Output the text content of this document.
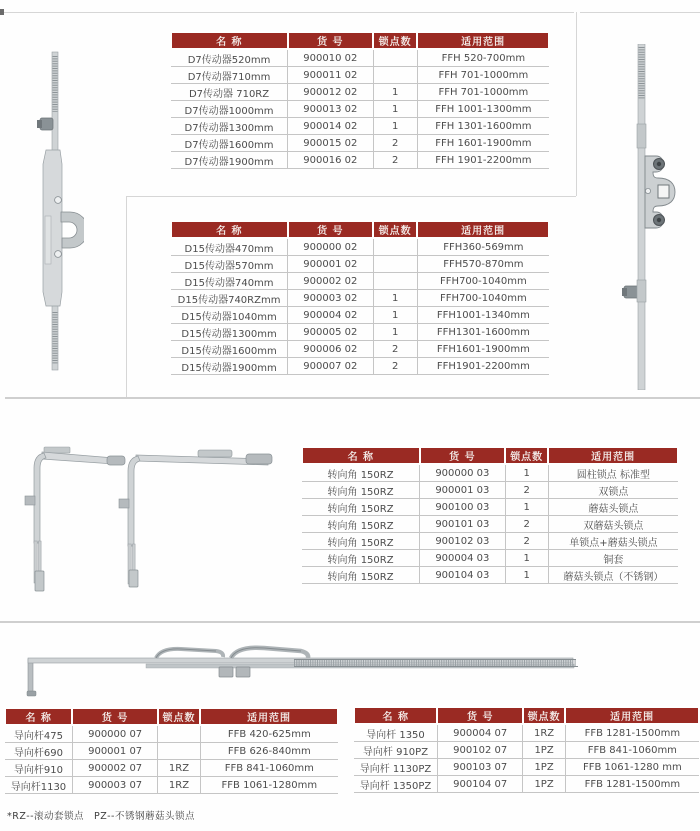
名 称	货 号	锁点数	适用范围
D7传动器520mm	900010 02		FFH 520-700mm
D7传动器710mm	900011 02		FFH 701-1000mm
D7传动器 710RZ	900012 02	1	FFH 701-1000mm
D7传动器1000mm	900013 02	1	FFH 1001-1300mm
D7传动器1300mm	900014 02	1	FFH 1301-1600mm
D7传动器1600mm	900015 02	2	FFH 1601-1900mm
D7传动器1900mm	900016 02	2	FFH 1901-2200mm
名 称	货 号	锁点数	适用范围
D15传动器470mm	900000 02		FFH360-569mm
D15传动器570mm	900001 02		FFH570-870mm
D15传动器740mm	900002 02		FFH700-1040mm
D15传动器740RZmm	900003 02	1	FFH700-1040mm
D15传动器1040mm	900004 02	1	FFH1001-1340mm
D15传动器1300mm	900005 02	1	FFH1301-1600mm
D15传动器1600mm	900006 02	2	FFH1601-1900mm
D15传动器1900mm	900007 02	2	FFH1901-2200mm
名 称	货 号	锁点数	适用范围
转向角 150RZ	900000 03	1	圆柱锁点 标准型
转向角 150RZ	900001 03	2	双锁点
转向角 150RZ	900100 03	1	蘑菇头锁点
转向角 150RZ	900101 03	2	双蘑菇头锁点
转向角 150RZ	900102 03	2	单锁点+蘑菇头锁点
转向角 150RZ	900004 03	1	铜套
转向角 150RZ	900104 03	1	蘑菇头锁点（不锈钢）
名 称	货 号	锁点数	适用范围
导向杆475	900000 07		FFB 420-625mm
导向杆690	900001 07		FFB 626-840mm
导向杆910	900002 07	1RZ	FFB 841-1060mm
导向杆1130	900003 07	1RZ	FFB 1061-1280mm
名 称	货 号	锁点数	适用范围
导向杆 1350	900004 07	1RZ	FFB 1281-1500mm
导向杆 910PZ	900102 07	1PZ	FFB 841-1060mm
导向杆 1130PZ	900103 07	1PZ	FFB 1061-1280 mm
导向杆 1350PZ	900104 07	1PZ	FFB 1281-1500mm
*RZ--滚动套锁点　PZ--不锈钢蘑菇头锁点
